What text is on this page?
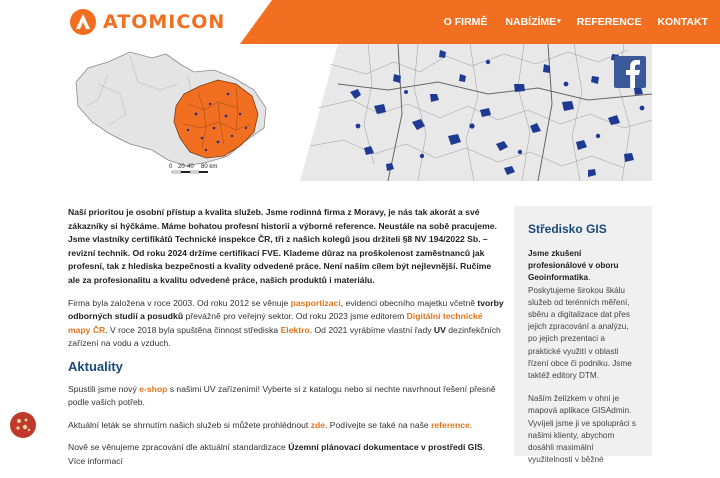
ATOMICON	O FIRMĚ NABÍZÍME▾ REFERENCE KONTAKT
0 20 40 80 km

Naší prioritou je osobní přístup a kvalita služeb. Jsme rodinná firma z Moravy, je nás tak akorát a své zákazníky si hýčkáme. Máme bohatou profesní historii a výborné reference. Neustále na sobě pracujeme. Jsme vlastníky certifikátů Technické inspekce ČR, tři z našich kolegů jsou držiteli §8 NV 194/2022 Sb. – revizní technik. Od roku 2024 držíme certifikaci FVE. Klademe důraz na proškolenost zaměstnanců jak profesní, tak z hlediska bezpečnosti a kvality odvedené práce. Není naším cílem být nejlevnější. Ručíme ale za profesionalitu a kvalitu odvedené práce, našich produktů i materiálu.

Firma byla založena v roce 2003. Od roku 2012 se věnuje pasportizaci, evidenci obecního majetku včetně tvorby odborných studií a posudků převážně pro veřejný sektor. Od roku 2023 jsme editorem Digitální technické mapy ČR. V roce 2018 byla spuštěna činnost střediska Elektro. Od 2021 vyrábíme vlastní řady UV dezinfekčních zařízení na vodu a vzduch.

Aktuality

Spustili jsme nový e-shop s našimi UV zařízeními! Vyberte si z katalogu nebo si nechte navrhnout řešení přesně podle vašich potřeb.

Aktuální leták se shrnutím našich služeb si můžete prohlédnout zde. Podívejte se také na naše reference.

Nově se věnujeme zpracování dle aktuální standardizace Územní plánovací dokumentace v prostředí GIS. Více informací

Středisko GIS

Jsme zkušení profesionálové v oboru Geoinformatika. Poskytujeme širokou škálu služeb od terénních měření, sběru a digitalizace dat přes jejich zpracování a analýzu, po jejich prezentaci a praktické využití v oblasti řízení obce či podniku. Jsme taktéž editory DTM.

Naším želízkem v ohni je mapová aplikace GISAdmin. Vyvíjeli jsme ji ve spolupráci s našimi klienty, abychom dosáhli maximální využitelnosti v běžné
